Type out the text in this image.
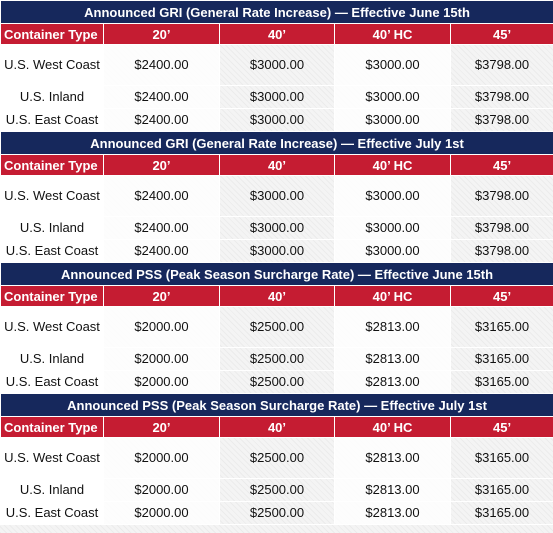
Announced GRI (General Rate Increase) — Effective June 15th				
Container Type	20’	40’	40’ HC	45’
U.S. West Coast	$2400.00	$3000.00	$3000.00	$3798.00
U.S. Inland	$2400.00	$3000.00	$3000.00	$3798.00
U.S. East Coast	$2400.00	$3000.00	$3000.00	$3798.00
Announced GRI (General Rate Increase) — Effective July 1st				
Container Type	20’	40’	40’ HC	45’
U.S. West Coast	$2400.00	$3000.00	$3000.00	$3798.00
U.S. Inland	$2400.00	$3000.00	$3000.00	$3798.00
U.S. East Coast	$2400.00	$3000.00	$3000.00	$3798.00
Announced PSS (Peak Season Surcharge Rate) — Effective June 15th				
Container Type	20’	40’	40’ HC	45’
U.S. West Coast	$2000.00	$2500.00	$2813.00	$3165.00
U.S. Inland	$2000.00	$2500.00	$2813.00	$3165.00
U.S. East Coast	$2000.00	$2500.00	$2813.00	$3165.00
Announced PSS (Peak Season Surcharge Rate) — Effective July 1st				
Container Type	20’	40’	40’ HC	45’
U.S. West Coast	$2000.00	$2500.00	$2813.00	$3165.00
U.S. Inland	$2000.00	$2500.00	$2813.00	$3165.00
U.S. East Coast	$2000.00	$2500.00	$2813.00	$3165.00
